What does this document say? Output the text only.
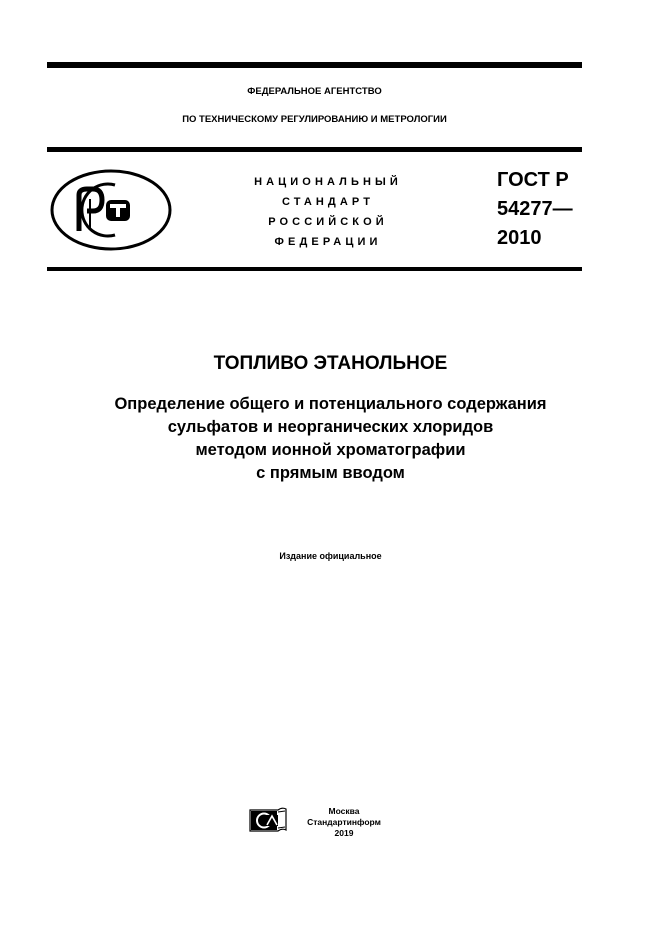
ФЕДЕРАЛЬНОЕ АГЕНТСТВО
ПО ТЕХНИЧЕСКОМУ РЕГУЛИРОВАНИЮ И МЕТРОЛОГИИ
НАЦИОНАЛЬНЫЙ
СТАНДАРТ
РОССИЙСКОЙ
ФЕДЕРАЦИИ
ГОСТ Р
54277—
2010
ТОПЛИВО ЭТАНОЛЬНОЕ
Определение общего и потенциального содержания
сульфатов и неорганических хлоридов
методом ионной хроматографии
с прямым вводом
Издание официальное
Москва
Стандартинформ
2019
